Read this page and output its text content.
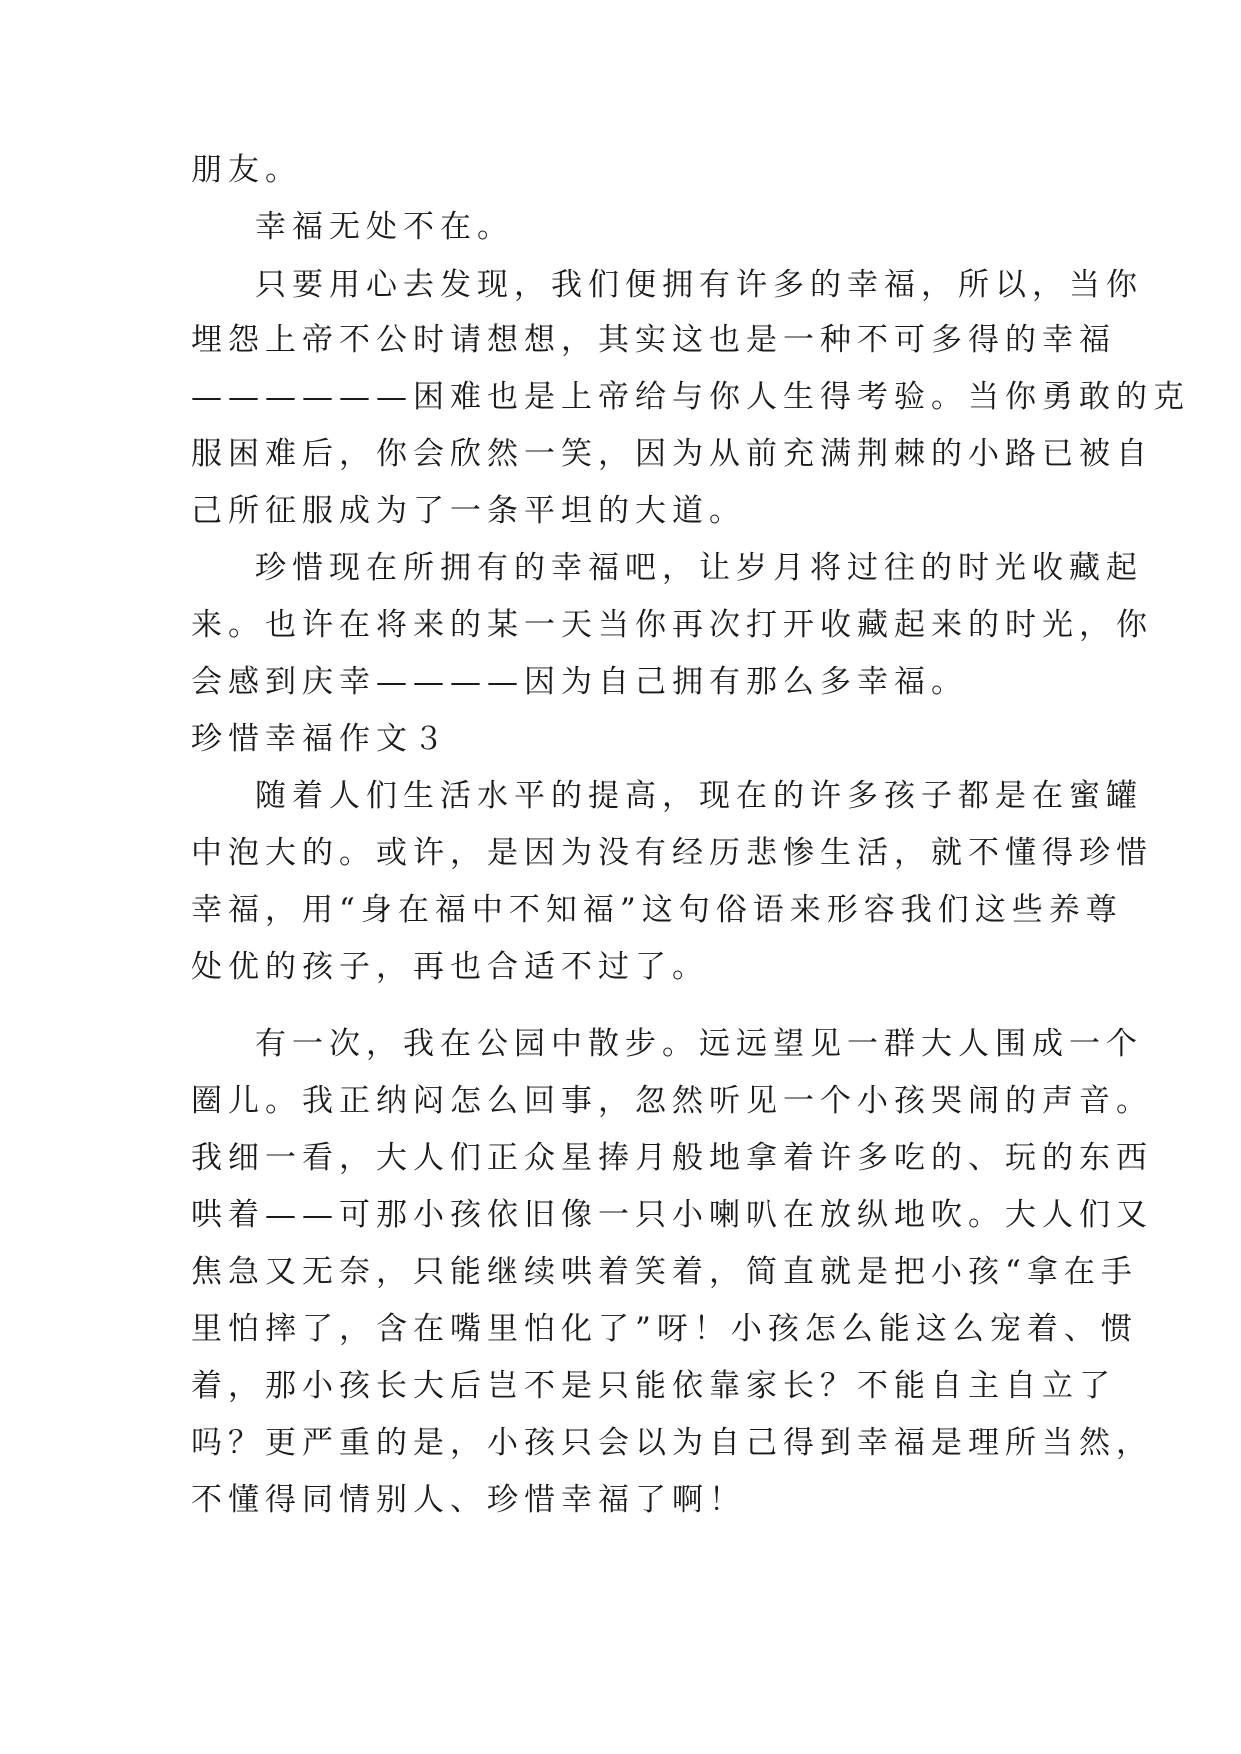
朋友。
幸福无处不在。
只要用心去发现，我们便拥有许多的幸福，所以，当你
埋怨上帝不公时请想想，其实这也是一种不可多得的幸福
——————困难也是上帝给与你人生得考验。当你勇敢的克
服困难后，你会欣然一笑，因为从前充满荆棘的小路已被自
己所征服成为了一条平坦的大道。
珍惜现在所拥有的幸福吧，让岁月将过往的时光收藏起
来。也许在将来的某一天当你再次打开收藏起来的时光，你
会感到庆幸————因为自己拥有那么多幸福。
珍惜幸福作文３
随着人们生活水平的提高，现在的许多孩子都是在蜜罐
中泡大的。或许，是因为没有经历悲惨生活，就不懂得珍惜
幸福，用“身在福中不知福”这句俗语来形容我们这些养尊
处优的孩子，再也合适不过了。
有一次，我在公园中散步。远远望见一群大人围成一个
圈儿。我正纳闷怎么回事，忽然听见一个小孩哭闹的声音。
我细一看，大人们正众星捧月般地拿着许多吃的、玩的东西
哄着——可那小孩依旧像一只小喇叭在放纵地吹。大人们又
焦急又无奈，只能继续哄着笑着，简直就是把小孩“拿在手
里怕摔了，含在嘴里怕化了”呀！小孩怎么能这么宠着、惯
着，那小孩长大后岂不是只能依靠家长？不能自主自立了
吗？更严重的是，小孩只会以为自己得到幸福是理所当然，
不懂得同情别人、珍惜幸福了啊！
